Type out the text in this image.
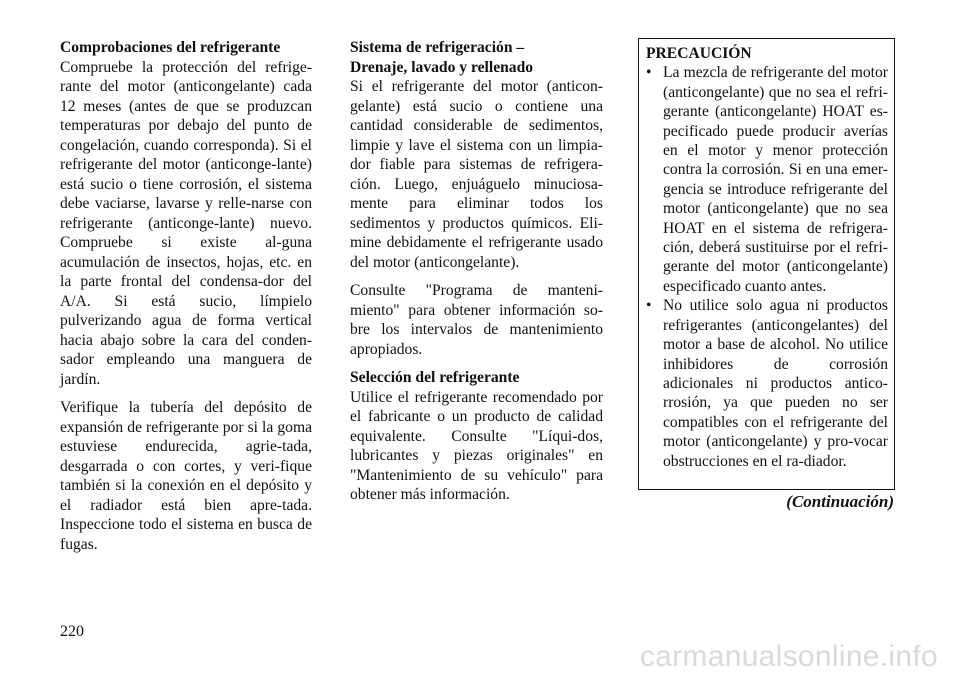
Comprobaciones del refrigerante

Compruebe la protección del refrige-rante del motor (anticongelante) cada 12 meses (antes de que se produzcan temperaturas por debajo del punto de congelación, cuando corresponda). Si el refrigerante del motor (anticonge-lante) está sucio o tiene corrosión, el sistema debe vaciarse, lavarse y relle-narse con refrigerante (anticonge-lante) nuevo. Compruebe si existe al-guna acumulación de insectos, hojas, etc. en la parte frontal del condensa-dor del A/A. Si está sucio, límpielo pulverizando agua de forma vertical hacia abajo sobre la cara del conden-sador empleando una manguera de jardín.

Verifique la tubería del depósito de expansión de refrigerante por si la goma estuviese endurecida, agrie-tada, desgarrada o con cortes, y veri-fique también si la conexión en el depósito y el radiador está bien apre-tada. Inspeccione todo el sistema en busca de fugas.

Sistema de refrigeración –
Drenaje, lavado y rellenado

Si el refrigerante del motor (anticon-gelante) está sucio o contiene una cantidad considerable de sedimentos, limpie y lave el sistema con un limpia-dor fiable para sistemas de refrigera-ción. Luego, enjuáguelo minuciosa-mente para eliminar todos los sedimentos y productos químicos. Eli-mine debidamente el refrigerante usado del motor (anticongelante).

Consulte "Programa de manteni-miento" para obtener información so-bre los intervalos de mantenimiento apropiados.

Selección del refrigerante

Utilice el refrigerante recomendado por el fabricante o un producto de calidad equivalente. Consulte "Líqui-dos, lubricantes y piezas originales" en "Mantenimiento de su vehículo" para obtener más información.

PRECAUCIÓN
• La mezcla de refrigerante del motor (anticongelante) que no sea el refri-gerante (anticongelante) HOAT es-pecificado puede producir averías en el motor y menor protección contra la corrosión. Si en una emer-gencia se introduce refrigerante del motor (anticongelante) que no sea HOAT en el sistema de refrigera-ción, deberá sustituirse por el refri-gerante del motor (anticongelante) especificado cuanto antes.
• No utilice solo agua ni productos refrigerantes (anticongelantes) del motor a base de alcohol. No utilice inhibidores de corrosión adicionales ni productos antico-rrosión, ya que pueden no ser compatibles con el refrigerante del motor (anticongelante) y pro-vocar obstrucciones en el ra-diador.
(Continuación)
220
carmanualsonline.info
